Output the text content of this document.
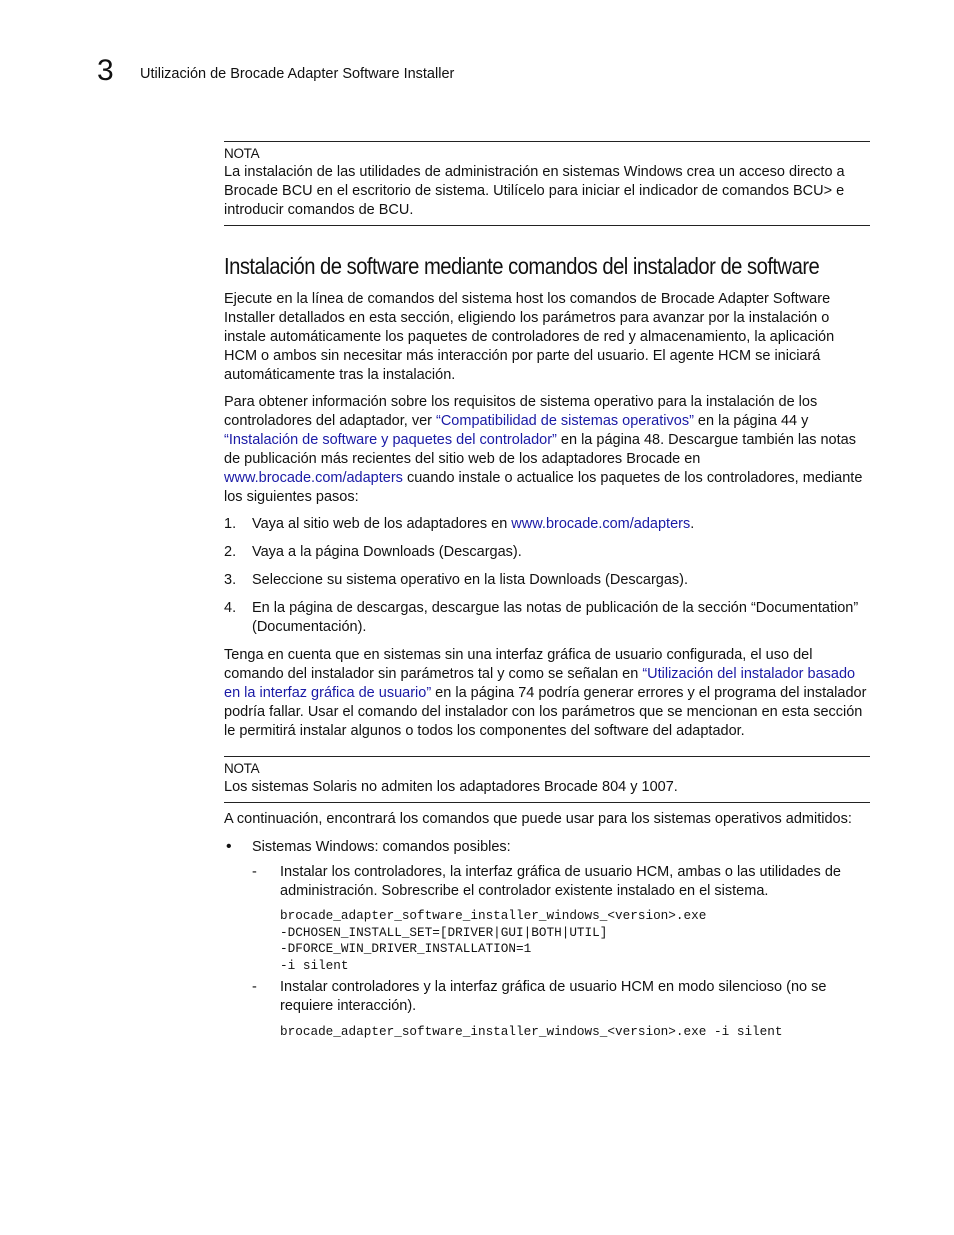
3 Utilización de Brocade Adapter Software Installer
NOTA

La instalación de las utilidades de administración en sistemas Windows crea un acceso directo a Brocade BCU en el escritorio de sistema. Utilícelo para iniciar el indicador de comandos BCU> e introducir comandos de BCU.

Instalación de software mediante comandos del instalador de software

Ejecute en la línea de comandos del sistema host los comandos de Brocade Adapter Software Installer detallados en esta sección, eligiendo los parámetros para avanzar por la instalación o instale automáticamente los paquetes de controladores de red y almacenamiento, la aplicación HCM o ambos sin necesitar más interacción por parte del usuario. El agente HCM se iniciará automáticamente tras la instalación.

Para obtener información sobre los requisitos de sistema operativo para la instalación de los controladores del adaptador, ver “Compatibilidad de sistemas operativos” en la página 44 y “Instalación de software y paquetes del controlador” en la página 48. Descargue también las notas de publicación más recientes del sitio web de los adaptadores Brocade en www.brocade.com/adapters cuando instale o actualice los paquetes de los controladores, mediante los siguientes pasos:

1. Vaya al sitio web de los adaptadores en www.brocade.com/adapters.
2. Vaya a la página Downloads (Descargas).
3. Seleccione su sistema operativo en la lista Downloads (Descargas).
4. En la página de descargas, descargue las notas de publicación de la sección “Documentation” (Documentación).

Tenga en cuenta que en sistemas sin una interfaz gráfica de usuario configurada, el uso del comando del instalador sin parámetros tal y como se señalan en “Utilización del instalador basado en la interfaz gráfica de usuario” en la página 74 podría generar errores y el programa del instalador podría fallar. Usar el comando del instalador con los parámetros que se mencionan en esta sección le permitirá instalar algunos o todos los componentes del software del adaptador.

NOTA

Los sistemas Solaris no admiten los adaptadores Brocade 804 y 1007.

A continuación, encontrará los comandos que puede usar para los sistemas operativos admitidos:

• Sistemas Windows: comandos posibles:
- Instalar los controladores, la interfaz gráfica de usuario HCM, ambas o las utilidades de administración. Sobrescribe el controlador existente instalado en el sistema.
brocade_adapter_software_installer_windows_<version>.exe
-DCHOSEN_INSTALL_SET=[DRIVER|GUI|BOTH|UTIL]
-DFORCE_WIN_DRIVER_INSTALLATION=1
-i silent
- Instalar controladores y la interfaz gráfica de usuario HCM en modo silencioso (no se requiere interacción).
brocade_adapter_software_installer_windows_<version>.exe -i silent
